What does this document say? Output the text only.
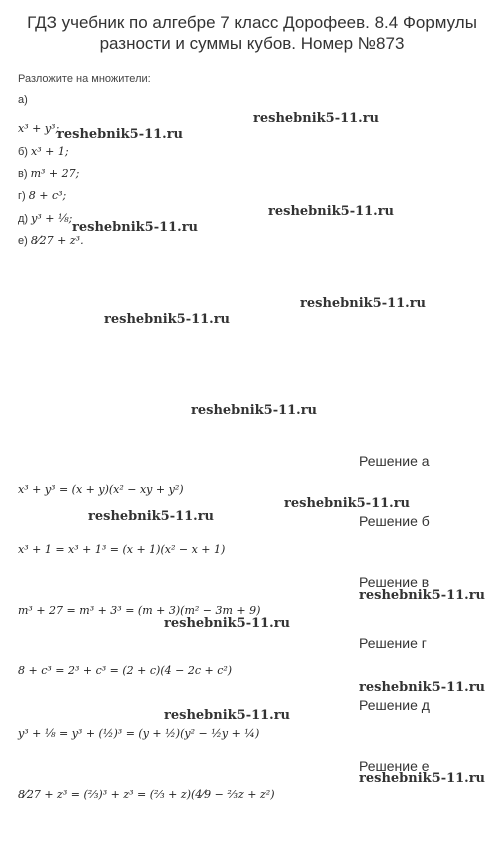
ГДЗ учебник по алгебре 7 класс Дорофеев. 8.4 Формулы
разности и суммы кубов. Номер №873
Разложите на множители:
а)
x³ + y³;
б) x³ + 1;
в) m³ + 27;
г) 8 + c³;
д) y³ + ⅛;
е) 8⁄27 + z³.
reshebnik5-11.ru
reshebnik5-11.ru
reshebnik5-11.ru
reshebnik5-11.ru
reshebnik5-11.ru
reshebnik5-11.ru
reshebnik5-11.ru
reshebnik5-11.ru
reshebnik5-11.ru
reshebnik5-11.ru
reshebnik5-11.ru
reshebnik5-11.ru
reshebnik5-11.ru
reshebnik5-11.ru
Решение а
x³ + y³ = (x + y)(x² − xy + y²)
Решение б
x³ + 1 = x³ + 1³ = (x + 1)(x² − x + 1)
Решение в
m³ + 27 = m³ + 3³ = (m + 3)(m² − 3m + 9)
Решение г
8 + c³ = 2³ + c³ = (2 + c)(4 − 2c + c²)
Решение д
y³ + ⅛ = y³ + (½)³ = (y + ½)(y² − ½y + ¼)
Решение е
8⁄27 + z³ = (⅔)³ + z³ = (⅔ + z)(4⁄9 − ⅔z + z²)
